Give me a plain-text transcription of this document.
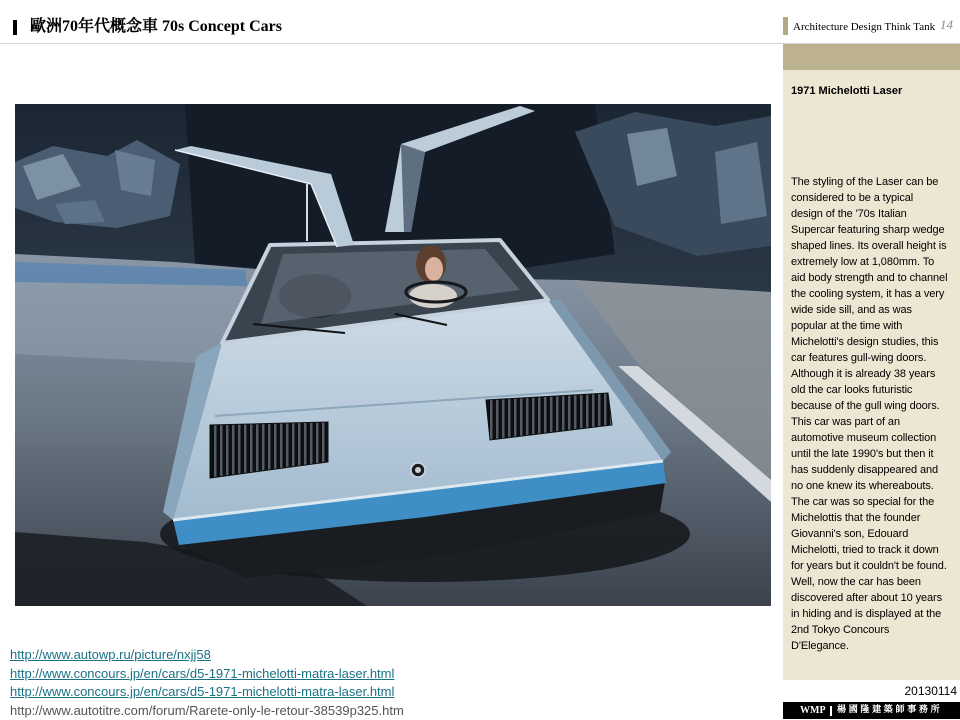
歐洲70年代概念車 70s Concept Cars	Architecture Design Think Tank 14
1971 Michelotti Laser
The styling of the Laser can be
considered to be a typical
design of the '70s Italian
Supercar featuring sharp wedge
shaped lines. Its overall height is
extremely low at 1,080mm. To
aid body strength and to channel
the cooling system, it has a very
wide side sill, and as was
popular at the time with
Michelotti's design studies, this
car features gull-wing doors.
Although it is already 38 years
old the car looks futuristic
because of the gull wing doors.
This car was part of an
automotive museum collection
until the late 1990's but then it
has suddenly disappeared and
no one knew its whereabouts.
The car was so special for the
Michelottis that the founder
Giovanni's son, Edouard
Michelotti, tried to track it down
for years but it couldn't be found.
Well, now the car has been
discovered after about 10 years
in hiding and is displayed at the
2nd Tokyo Concours
D'Elegance.
http://www.autowp.ru/picture/nxjj58
http://www.concours.jp/en/cars/d5-1971-michelotti-matra-laser.html
http://www.concours.jp/en/cars/d5-1971-michelotti-matra-laser.html
http://www.autotitre.com/forum/Rarete-only-le-retour-38539p325.htm
20130114
WMP 楊國隆建築師事務所
